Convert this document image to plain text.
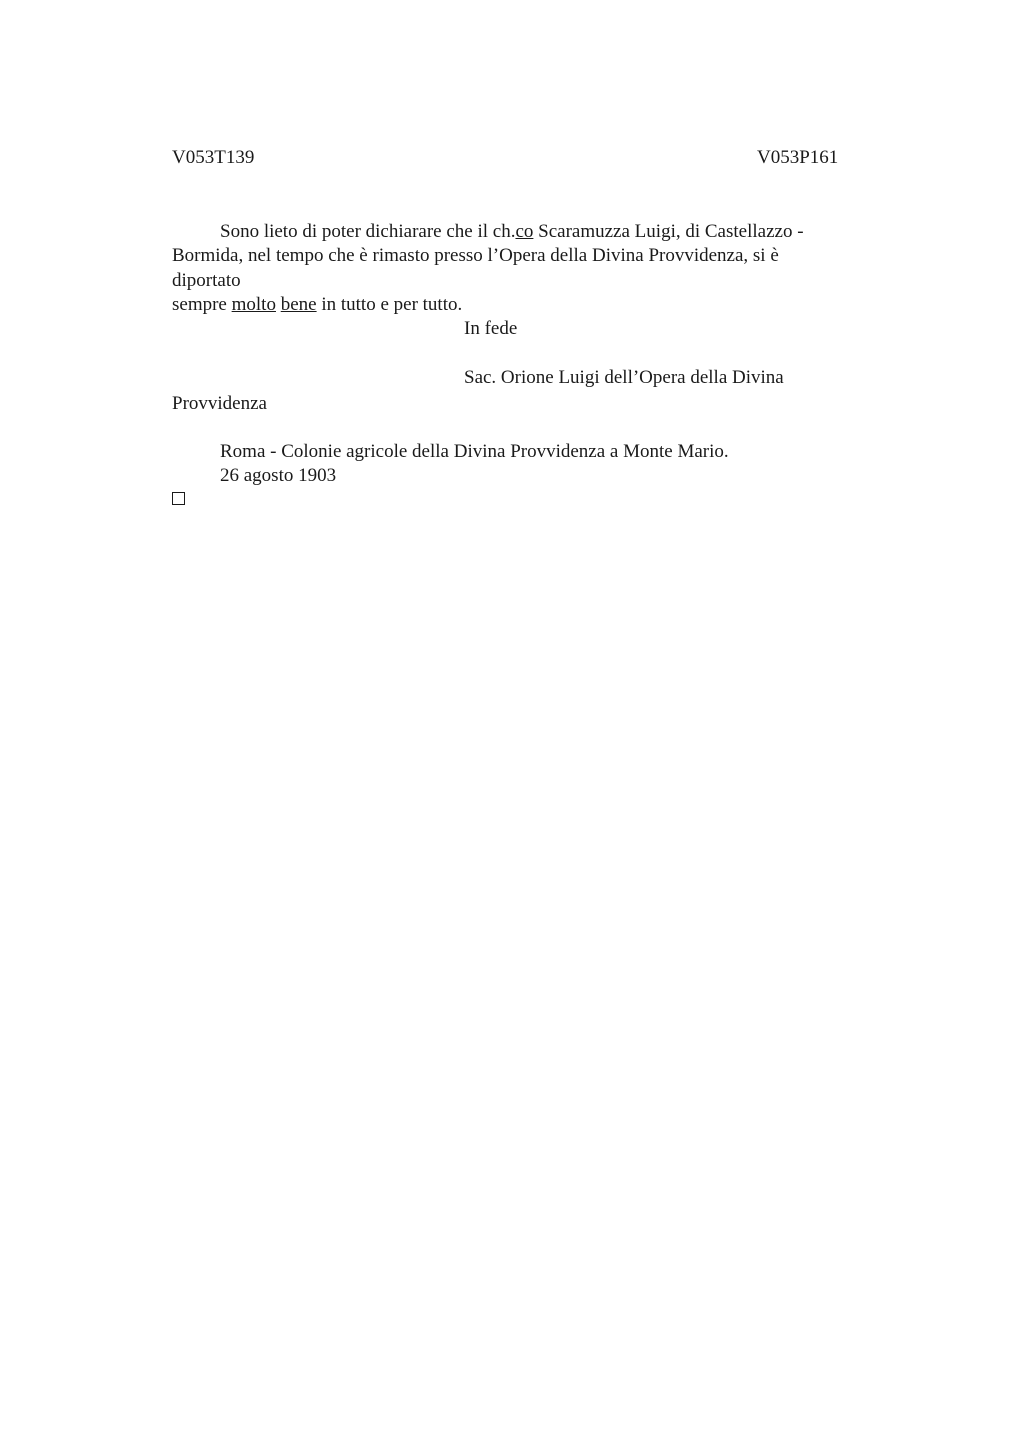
V053T139	V053P161
Sono lieto di poter dichiarare che il ch.co Scaramuzza Luigi, di Castellazzo -
Bormida, nel tempo che è rimasto presso l’Opera della Divina Provvidenza, si è
diportato
sempre molto bene in tutto e per tutto.
In fede
Sac. Orione Luigi dell’Opera della Divina
Provvidenza
Roma - Colonie agricole della Divina Provvidenza a Monte Mario.
26 agosto 1903
